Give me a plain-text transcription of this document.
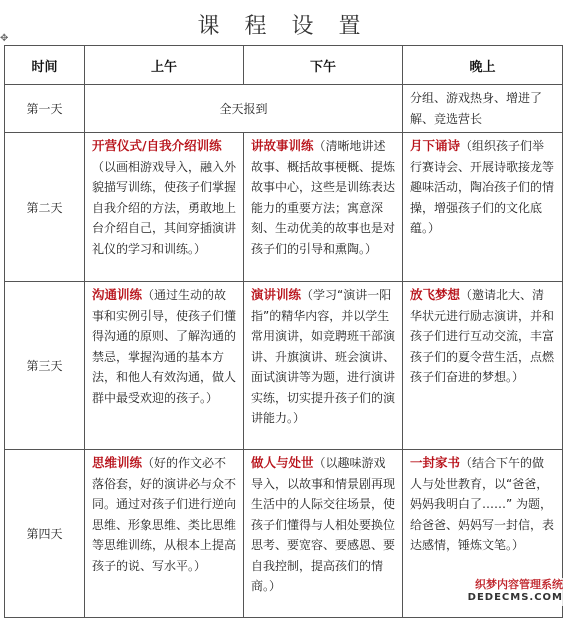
课 程 设 置
✥
时间	上午	下午	晚上
第一天	全天报到		分组、游戏热身、增进了解、竞选营长
第二天	开营仪式/自我介绍训练（以画相游戏导入，融入外貌描写训练，使孩子们掌握自我介绍的方法，勇敢地上台介绍自己，其间穿插演讲礼仪的学习和训练。）	讲故事训练（清晰地讲述故事、概括故事梗概、提炼故事中心，这些是训练表达能力的重要方法；寓意深刻、生动优美的故事也是对孩子们的引导和熏陶。）	月下诵诗（组织孩子们举行赛诗会、开展诗歌接龙等趣味活动，陶冶孩子们的情操，增强孩子们的文化底蕴。）
第三天	沟通训练（通过生动的故事和实例引导，使孩子们懂得沟通的原则、了解沟通的禁忌，掌握沟通的基本方法，和他人有效沟通，做人群中最受欢迎的孩子。）	演讲训练（学习“演讲一阳指”的精华内容，并以学生常用演讲，如竞聘班干部演讲、升旗演讲、班会演讲、面试演讲等为题，进行演讲实练，切实提升孩子们的演讲能力。）	放飞梦想（邀请北大、清华状元进行励志演讲，并和孩子们进行互动交流，丰富孩子们的夏令营生活，点燃孩子们奋进的梦想。）
第四天	思维训练（好的作文必不落俗套，好的演讲必与众不同。通过对孩子们进行逆向思维、形象思维、类比思维等思维训练，从根本上提高孩子的说、写水平。）	做人与处世（以趣味游戏导入，以故事和情景剧再现生活中的人际交往场景，使孩子们懂得与人相处要换位思考、要宽容、要感恩、要自我控制，提高孩们的情商。）	一封家书（结合下午的做人与处世教育，以“爸爸，妈妈我明白了……” 为题，给爸爸、妈妈写一封信，表达感情，锤炼文笔。）
织梦内容管理系统
DEDECMS.COM
